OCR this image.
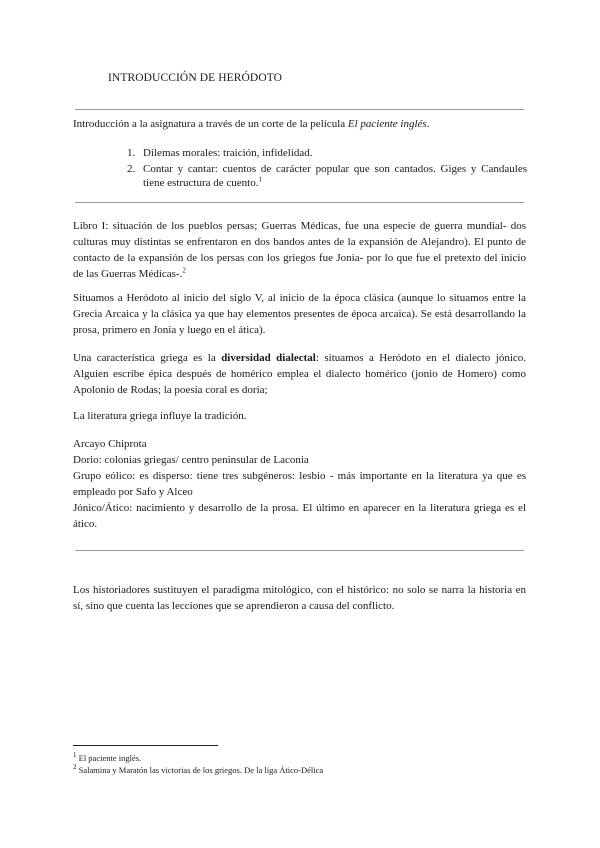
INTRODUCCIÓN DE HERÓDOTO

Introducción a la asignatura a través de un corte de la película El paciente inglés.

1. Dilemas morales: traición, infidelidad.
2. Contar y cantar: cuentos de carácter popular que son cantados. Giges y Candaules tiene estructura de cuento.$^1$

Libro I: situación de los pueblos persas; Guerras Médicas, fue una especie de guerra mundial- dos culturas muy distintas se enfrentaron en dos bandos antes de la expansión de Alejandro). El punto de contacto de la expansión de los persas con los griegos fue Jonia- por lo que fue el pretexto del inicio de las Guerras Médicas-.$^2$

Situamos a Heródoto al inicio del siglo V, al inicio de la época clásica (aunque lo situamos entre la Grecia Arcaica y la clásica ya que hay elementos presentes de época arcaica). Se está desarrollando la prosa, primero en Jonia y luego en el ática).

Una característica griega es la diversidad dialectal: situamos a Heródoto en el dialecto jónico. Alguien escribe épica después de homérico emplea el dialecto homérico (jonio de Homero) como Apolonio de Rodas; la poesía coral es doria;

La literatura griega influye la tradición.

Arcayo Chiprota
Dorio: colonias griegas/ centro peninsular de Laconia
Grupo eólico: es disperso: tiene tres subgéneros: lesbio - más importante en la literatura ya que es empleado por Safo y Alceo
Jónico/Ático: nacimiento y desarrollo de la prosa. El último en aparecer en la literatura griega es el ático.

Los historiadores sustituyen el paradigma mitológico, con el histórico: no solo se narra la historia en sí, sino que cuenta las lecciones que se aprendieron a causa del conflicto.

$^1$ El paciente inglés.
$^2$ Salamina y Maratón las victorias de los griegos. De la liga Ático-Délica
